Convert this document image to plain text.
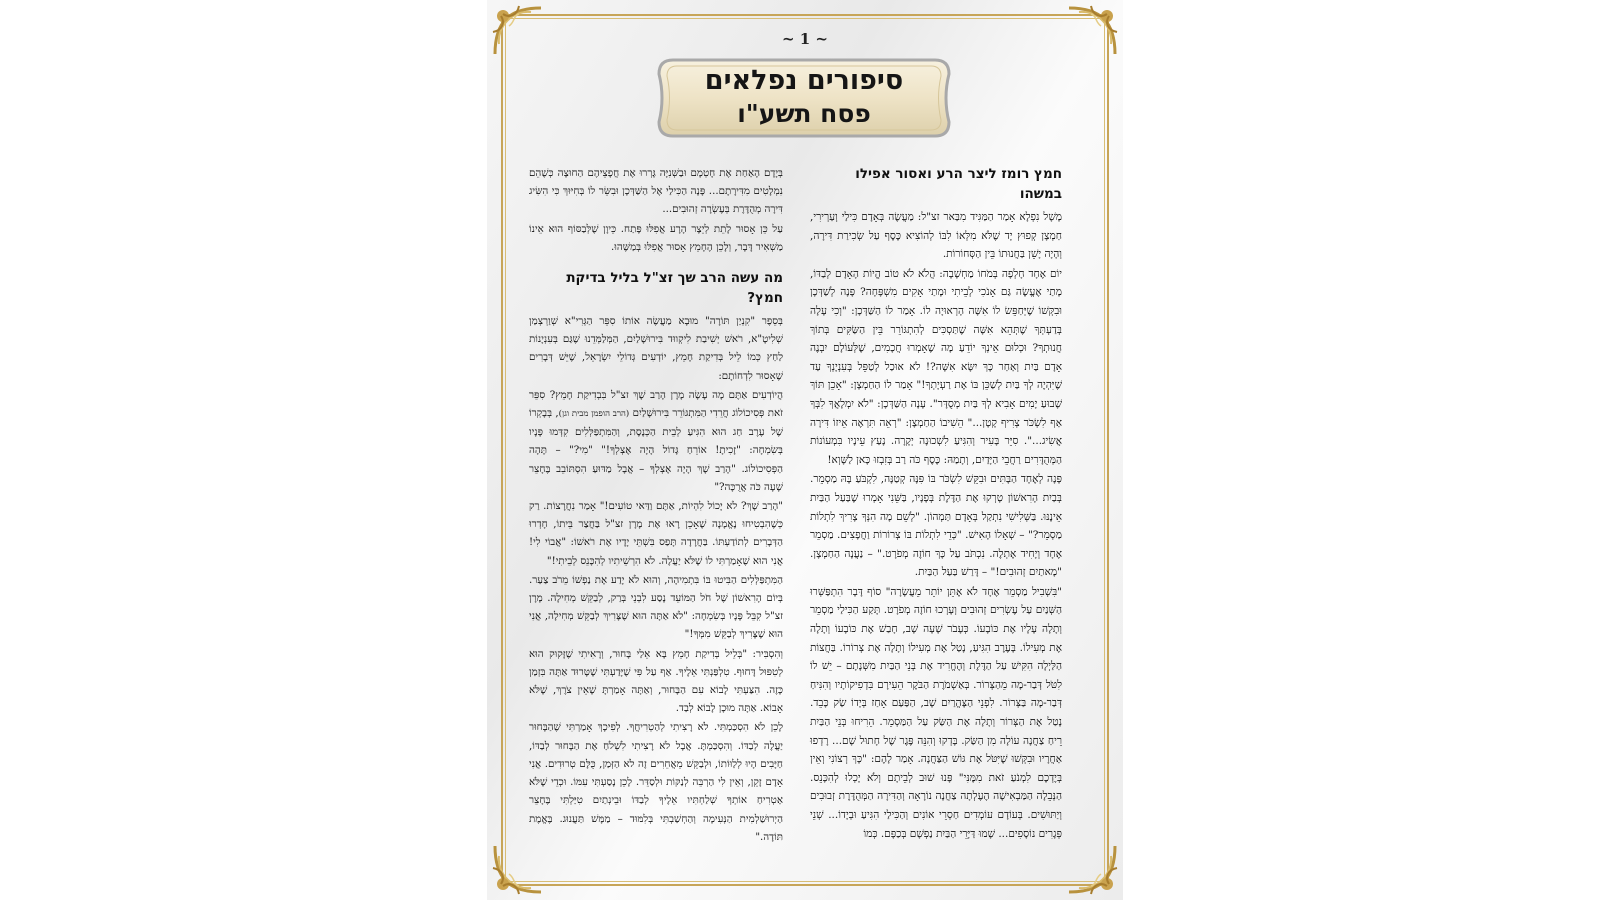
~ 1 ~
סיפורים נפלאים
פסח תשע"ו
חמץ רומז ליצר הרע ואסור אפילו במשהו

מָשָׁל נִפְלָא אָמַר הַמַּגִּיד מִבַּאר זצ"ל: מַעֲשֶׂה בְּאָדָם כִּילַי וְעַרְירִי, חַמְצָן קְפוּץ יָד שֶׁלֹּא מִלְּאוֹ לִבּוֹ לְהוֹצִיא כֶּסֶף עַל שְׂכִירַת דִּירָה, וְהָיָה יָשֵׁן בַּחֲנוּתוֹ בֵּין הַסְּחוֹרוֹת.

יוֹם אֶחָד חָלְפָה בְּמֹחוֹ מַחְשָׁבָה: הֲלֹא לֹא טוֹב הֱיוֹת הָאָדָם לְבַדּוֹ, מָתַי אֶעֱשֶׂה גַּם אָנֹכִי לְבֵיתִי וּמָתַי אָקִים מִשְׁפָּחָה? פָּנָה לְשַׁדְּכָן וּבִקְּשׁוֹ שֶׁיְּחַפֵּשׂ לוֹ אִשָּׁה הָרְאוּיָה לוֹ. אָמַר לוֹ הַשַּׁדְּכָן: "וְכִי עָלָה בְּדַעְתְּךָ שֶׁתְּהֵא אִשָּׁה שֶׁתַּסְכִּים לְהִתְגּוֹרֵר בֵּין הַשַּׂקִּים בְּתוֹךְ חֲנוּתְךָ? וּכְלוּם אֵינְךָ יוֹדֵעַ מָה שֶׁאָמְרוּ חֲכָמִים, שֶׁלְּעוֹלָם יִבְנֶה אָדָם בַּיִת וְאַחַר כָּךְ יִשָּׂא אִשָּׁה?! לֹא אוּכַל לְטַפֵּל בְּעִנְיָנְךָ עַד שֶׁיִּהְיֶה לְךָ בַּיִת לְשַׁכֵּן בּוֹ אֶת רַעְיָתְךָ!" אָמַר לוֹ הַחַמְצָן: "אָכֵן תּוֹךְ שָׁבוּעַ יָמִים אָבִיא לְךָ בַּיִת מְסֻדָּר". עָנָה הַשַּׁדְּכָן: "לֹא יִמְלָאֲךָ לִבְּךָ אַף לִשְׂכֹּר צְרִיף קָטָן..." הֵשִׁיבוֹ הַחַמְצָן: "רְאֵה תִּרְאֶה אֵיזוֹ דִּירָה אֲשִׂיג...". סִיֵּר בָּעִיר וְהִגִּיעַ לִשְׁכוּנָה יְקָרָה. נָעַץ עֵינָיו בִּמְעוֹנוֹת הַמְּהֻדָּרִים רַחֲבֵי הַיָּדַיִם, וְתָמַהּ: כֶּסֶף כֹּה רַב בְּזִבְזוּ כָּאן לַשָּׁוְא!

פָּנָה לְאֶחָד הַבָּתִּים וּבִקֵּשׁ לִשְׂכֹּר בּוֹ פִּנָּה קְטַנָּה, לִקְבֹּעַ בָּהּ מַסְמֵר. בְּבַיִת הָרִאשׁוֹן טָרְקוּ אֶת הַדֶּלֶת בְּפָנָיו, בַּשֵּׁנִי אָמְרוּ שֶׁבַּעַל הַבַּיִת אֵינֶנּוּ. בַּשְּׁלִישִׁי נִתְקַל בְּאָדָם תַּמְהוֹן. "לְשֵׁם מָה הִנְּךָ צָרִיךְ לִתְלוֹת מַסְמֵר?" – שְׁאָלוֹ הָאִישׁ. "כְּדֵי לִתְלוֹת בּוֹ צְרוֹרוֹת וַחֲפָצִים. מַסְמֵר אֶחָד וְיָחִיד אֶתְלֶה. נִכְתֹּב עַל כָּךְ חוֹזֶה מְפֹרָט." – נַעֲנָה הַחַמְצָן. "מָאתַיִם זְהוּבִים!" – דָּרַשׁ בַּעַל הַבַּיִת.

"בִּשְׁבִיל מַסְמֵר אֶחָד לֹא אֶתֵּן יוֹתֵר מֵעֲשָׂרָה" סוֹף דָּבָר הִתְפַּשְּׁרוּ הַשְּׁנַיִם עַל עֶשְׂרִים זְהוּבִים וְעָרְכוּ חוֹזֶה מְפֹרָט. תָּקַע הַכִּילַי מַסְמֵר וְתָלָה עָלָיו אֶת כּוֹבָעוֹ. כְּעָבֹר שָׁעָה שָׁב, חָבַשׁ אֶת כּוֹבָעוֹ וְתָלָה אֶת מְעִילוֹ. בָּעֶרֶב הִגִּיעַ, נָטַל אֶת מְעִילוֹ וְתָלָה אֶת צְרוֹרוֹ. בַּחֲצוֹת הַלַּיְלָה הִקִּישׁ עַל הַדֶּלֶת וְהֶחֱרִיד אֶת בְּנֵי הַבַּיִת מִשְּׁנָתָם – יֵשׁ לוֹ לִטֹּל דְּבַר-מָה מֵהַצְּרוֹר. בְּאַשְׁמֹרֶת הַבֹּקֶר הֵעִירָם בִּדְפִיקוֹתָיו וְהִנִּיחַ דְּבַר-מָה בַּצְּרוֹר. לִפְנֵי הַצָּהֳרַיִם שָׁב, הַפַּעַם אָחַז בְּיָדוֹ שַׂק כָּבֵד. נָטַל אֶת הַצְּרוֹר וְתָלָה אֶת הַשַּׂק עַל הַמַּסְמֵר. הֵרִיחוּ בְּנֵי הַבַּיִת רֵיחַ צַחֲנָה עוֹלָה מִן הַשַּׂק. בָּדְקוּ וְהִנֵּה פֶּגֶר שֶׁל חָתוּל שָׁם... רָדְפוּ אַחֲרָיו וּבִקְּשׁוּ שֶׁיִּטֹּל אֶת גּוֹשׁ הַצַּחֲנָה. אָמַר לָהֶם: "כָּךְ רְצוֹנִי וְאֵין בְּיֶדְכֶם לִמְנֹעַ זֹאת מִמֶּנִּי" פָּנוּ שׁוּב לְבֵיתָם וְלֹא יָכְלוּ לְהִכָּנֵס. הַנְּבֵלָה הַמַּבְאִישָׁה הֶעֶלְתָה צַחֲנָה נוֹרָאָה וְהַדִּירָה הַמְּהֻדֶּרֶת זְבוּבִים וְיַתּוּשִׁים. בְּעוֹדָם עוֹמְדִים חַסְרֵי אוֹנִים וְהַכִּילַי הִגִּיעַ וּבְיָדוֹ... שְׁנֵי פְּגָרִים נוֹסָפִים... שָׁמוּ דַּיָּרֵי הַבַּיִת נַפְשָׁם בְּכַפָּם. כְּמוֹ

בְּיָדָם הָאַחַת אֶת חָטְמָם וּבַשְּׁנִיָּה גָּרְרוּ אֶת חֲפָצֵיהֶם הַחוּצָה כְּשֶׁהֵם נִמְלָטִים מִדִּירָתָם... פָּנָה הַכִּילַי אֶל הַשַּׁדְּכָן וּבִשֵּׂר לוֹ בְּחִיּוּךְ כִּי הִשִּׂיג דִּירָה מְהֻדֶּרֶת בְּעֶשְׂרָה זְהוּבִים...

עַל כֵּן אָסוּר לָתֵת לְיֵצֶר הָרָע אֲפִלּוּ פֶּתַח. כֵּיוָן שֶׁלְּבַסּוֹף הוּא אֵינוֹ מַשְׁאִיר דָּבָר, וְלָכֵן הֶחָמֵץ אָסוּר אֲפִלּוּ בְּמַשֶּׁהוּ.

מה עשה הרב שך זצ"ל בליל בדיקת חמץ?

בְּסֵפֶר "קִנְיַן תּוֹרָה" מוּבָא מַעֲשֶׂה אוֹתוֹ סִפֵּר הַגְּרִי"א שְׁוַרְצְמַן שְׁלִיטָ"א, רֹאשׁ יְשִׁיבַת לִיקְווּד בִּירוּשָׁלַיִם, הַמְּלַמְּדֵנוּ שֶׁגַּם בְּעִנְיָנוֹת לַחַץ כְּמוֹ לֵיל בְּדִיקַת חָמֵץ, יוֹדְעִים גְּדוֹלֵי יִשְׂרָאֵל, שֶׁיֵּשׁ דְּבָרִים שֶׁאָסוּר לִדְחוֹתָם:

הֲיוֹדְעִים אַתֶּם מָה עָשָׂה מָרָן הָרַב שָׁךְ זצ"ל בִּבְדִיקַת חָמֵץ? סִפֵּר זֹאת פְּסִיכוֹלוֹג חֲרֵדִי הַמִּתְגּוֹרֵר בִּירוּשָׁלַיִם (הרב הופמן מבית וגן), בְּבָקְרוֹ שֶׁל עֶרֶב חַג הוּא הִגִּיעַ לְבֵית הַכְּנֶסֶת, וְהַמִּתְפַּלְּלִים קִדְּמוּ פָּנָיו בְּשִׂמְחָה: "זָכִיתָ! אוֹרֵחַ גָּדוֹל הָיָה אֶצְלְךָ!" "מִי?" – תָּהָה הַפְּסִיכוֹלוֹג. "הָרַב שָׁךְ הָיָה אֶצְלְךָ – אֲבָל מַדּוּעַ הִסְתּוֹבֵב בֶּחָצֵר שָׁעָה כֹּה אֲרֻכָּה?"

"הָרַב שָׁךְ? לֹא יָכוֹל לִהְיוֹת, אַתֶּם וַדַּאי טוֹעִים!" אָמַר נִחֲרָצוֹת. רַק כְּשֶׁהִבְטִיחוּ נֶאֱמָנָה שֶׁאָכֵן רָאוּ אֶת מָרָן זצ"ל בַּחֲצַר בֵּיתוֹ, חָדְרוּ הַדְּבָרִים לְתוֹדַעְתּוֹ. בַּחֲרָדָה תָּפַס בִּשְׁתֵּי יָדָיו אֶת רֹאשׁוֹ: "אֲבוֹי לִי! אֲנִי הוּא שֶׁאָמַרְתִּי לוֹ שֶׁלֹּא יַעֲלֶה. לֹא הִרְשֵׁיתִיו לְהִכָּנֵס לְבֵיתִי!"

הַמִּתְפַּלְּלִים הַבִּיטוּ בּוֹ בִּתְמִיהָה, וְהוּא לֹא יָדַע אֶת נַפְשׁוֹ מֵרֹב צַעַר. בְּיוֹם הָרִאשׁוֹן שֶׁל חֹל הַמּוֹעֵד נָסַע לִבְנֵי בְּרַק, לְבַקֵּשׁ מְחִילָה. מָרָן זצ"ל קִבֵּל פָּנָיו בְּשִׂמְחָה: "לֹא אַתָּה הוּא שֶׁצָּרִיךְ לְבַקֵּשׁ מְחִילָה, אֲנִי הוּא שֶׁצָּרִיךְ לְבַקֵּשׁ מִמְּךָ!"

וְהִסְבִּיר: "בְּלֵיל בְּדִיקַת חָמֵץ בָּא אֵלַי בָּחוּר, וְרָאִיתִי שֶׁזָּקוּק הוּא לְטִפּוּל דָּחוּף. טִלְפַּנְתִּי אֵלֶיךָ. אַף עַל פִּי שֶׁיָּדַעְתִּי שֶׁטָּרוּד אַתָּה בִּזְמַן כָּזֶה. הִצַּעְתִּי לָבוֹא עִם הַבָּחוּר, וְאַתָּה אָמַרְתָּ שֶׁאֵין צֹרֶךְ, שֶׁלֹּא אָבוֹא. אַתָּה מוּכָן לָבוֹא לְבַד.

לָכֵן לֹא הִסְכַּמְתִּי. לֹא רָצִיתִי לְהַטְרִיחֲךָ. לְפִיכָךְ אָמַרְתִּי שֶׁהַבָּחוּר יַעֲלֶה לְבַדּוֹ. וְהִסְכַּמְתָּ. אֲבָל לֹא רָצִיתִי לִשְׁלֹחַ אֶת הַבָּחוּר לְבַדּוֹ, חַיָּבִים הָיוּ לְלַוּוֹתוֹ, וּלְבַקֵּשׁ מֵאֲחֵרִים זֶה לֹא הַזְּמַן, כֻּלָּם טְרוּדִים. אֲנִי אָדָם זָקֵן, וְאֵין לִי הַרְבֵּה לְנַקּוֹת וּלְסַדֵּר. לָכֵן נָסַעְתִּי עִמּוֹ. וּכְדֵי שֶׁלֹּא אַטְרִיחַ אוֹתְךָ שְׁלַחְתִּיו אֵלֶיךָ לְבַדּוֹ וּבֵינְתַיִם טִיַּלְתִּי בֶּחָצֵר הַיְרוּשַׁלְמִית הַנְּעִימָה וְהַחְשַׁבְתִּי בְּלִמּוּד – מַמָּשׁ תַּעֲנוּג. בֶּאֱמֶת תּוֹדָה."
